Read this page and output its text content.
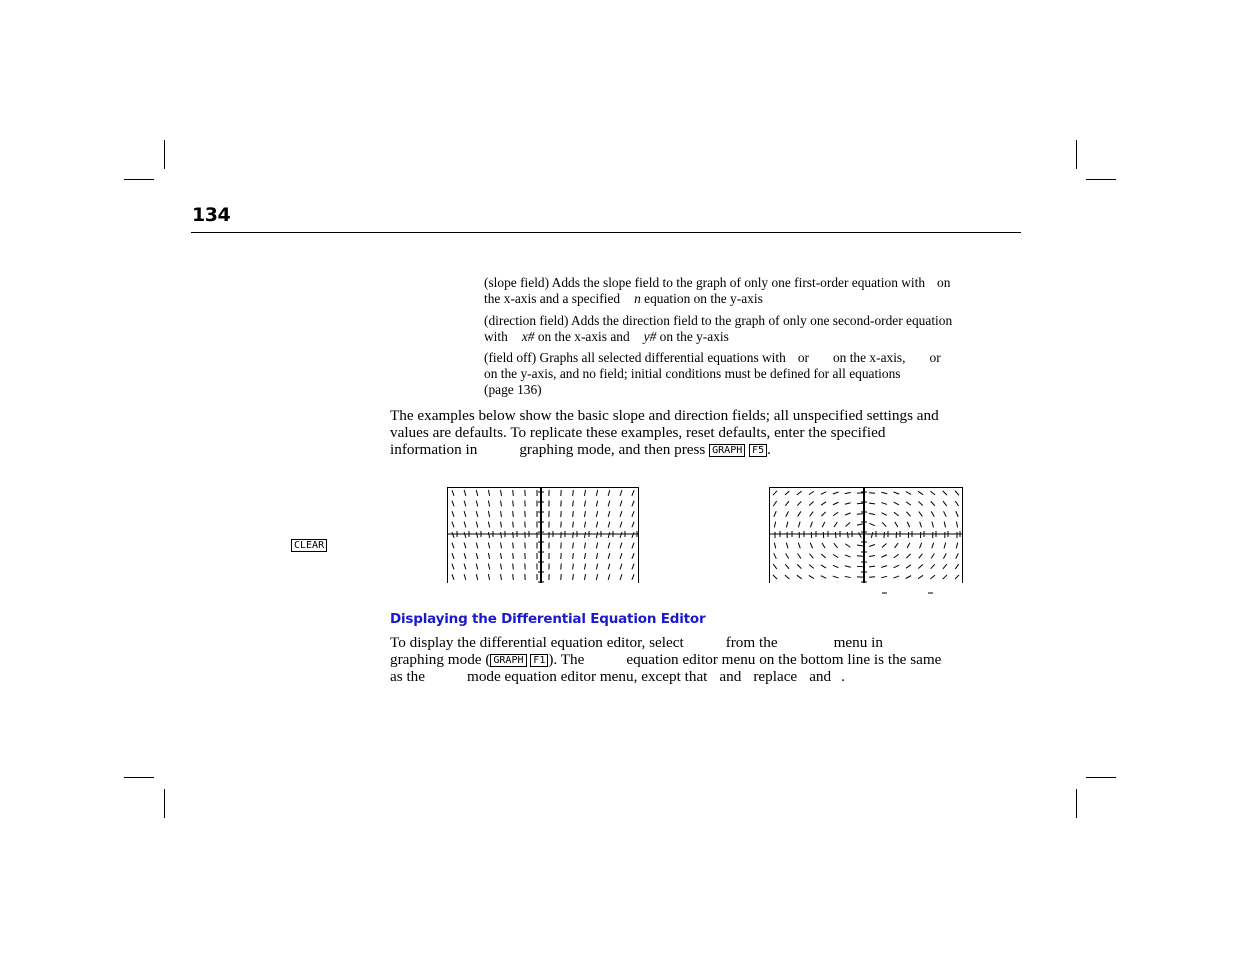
134

(slope field) Adds the slope field to the graph of only one first-order equation with on

the x-axis and a specified n equation on the y-axis

(direction field) Adds the direction field to the graph of only one second-order equation

with x# on the x-axis and y# on the y-axis

(field off) Graphs all selected differential equations with or on the x-axis, or

on the y-axis, and no field; initial conditions must be defined for all equations

(page 136)

The examples below show the basic slope and direction fields; all unspecified settings and

values are defaults. To replicate these examples, reset defaults, enter the specified

information in	graphing mode, and then press GRAPH F5 .

CLEAR
Displaying the Differential Equation Editor

To display the differential equation editor, select	from the	menu in

graphing mode ( GRAPH F1 ). The	equation editor menu on the bottom line is the same

as the	mode equation editor menu, except that and replace and .
